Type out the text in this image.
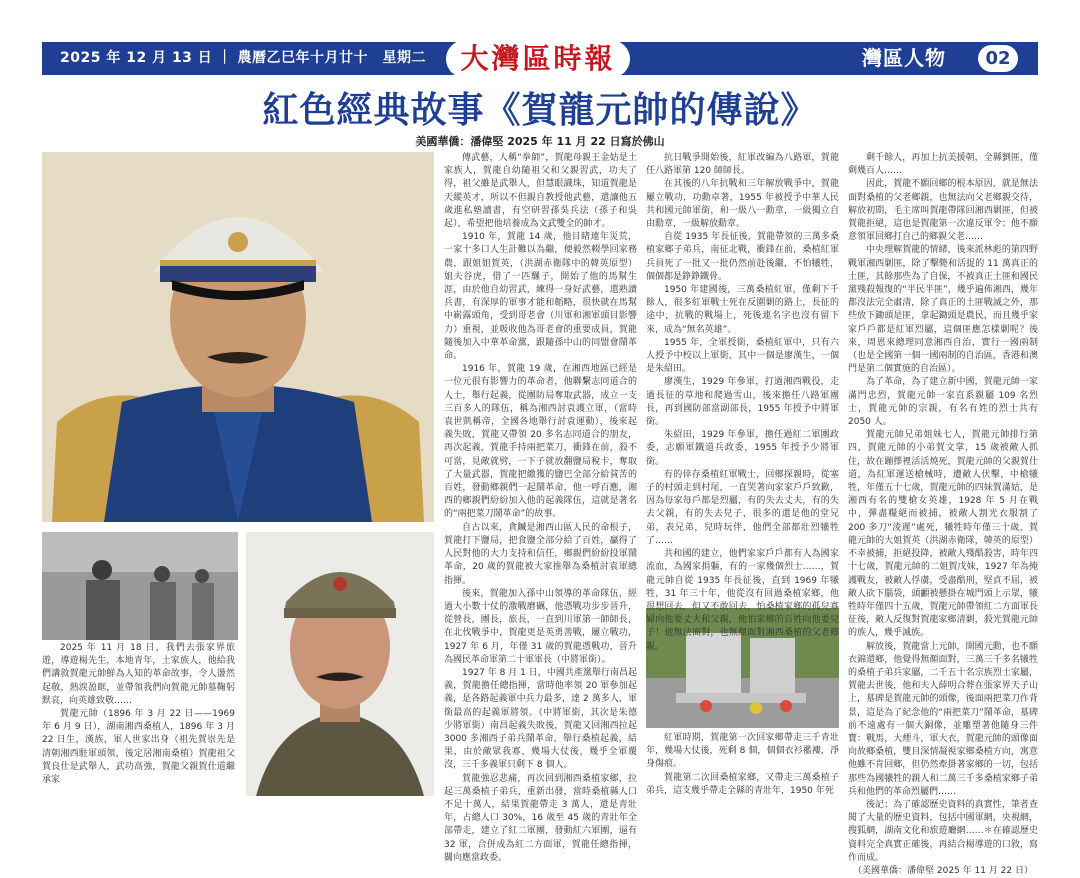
2025 年 12 月 13 日 ｜ 農曆乙巳年十月廿十　星期二	大灣區時報	灣區人物	02
紅色經典故事《賀龍元帥的傳說》
美國華僑：潘偉堅 2025 年 11 月 22 日寫於佛山

2025 年 11 月 18 日，我們去張家界旅遊，導遊楊先生，本地青年，土家族人，他給我們講敘賀龍元帥鮮為人知的革命故事，令人盪然起敬，熱淚盈眶，並帶領我們向賀龍元帥墓鞠躬默哀，向英雄致敬……

賀龍元帥（1896 年 3 月 22 日——1969 年 6 月 9 日），湖南湘西桑植人，1896 年 3 月 22 日生，漢族，軍人世家出身（祖先賀崇先是清朝湘西駐軍頭領，後定居湘南桑植）賀龍祖父賀良仕是武舉人，武功高強，賀龍父親賀仕道繼承家

傳武藝，人稱“拳師”，賀龍母親王金姑是土家族人，賀龍自幼隨祖父和父親習武，功夫了得，祖父雖是武舉人，但慧眼識珠，知道賀龍是天縱英才，所以不但親自教授他武藝，還讓他五歲進私塾讀書，有空研習孫吳兵法（孫子和吳起），希望把他培養成為文武雙全的帥才。

1910 年，賀龍 14 歲，他目睹連年災荒，一家十多口人生計難以為繼，便毅然輟學回家務農，跟姐姐賀英，（洪湖赤衛隊中的韓英原型）姐夫谷虎，借了一匹騾子，開始了他的馬幫生涯，由於他自幼習武，練得一身好武藝，還熟讀兵書，有深厚的軍事才能和韜略，很快就在馬幫中嶄露頭角，受到哥老會（川軍和湘軍頭目影響力）重視，並吸收他為哥老會的重要成員，賀龍隨後加入中華革命黨，跟隨孫中山的同盟會鬧革命。

1916 年，賀龍 19 歲，在湘西地區已經是一位元很有影響力的革命者，他聯繫志同道合的人士，舉行起義，從團防局奪取武器，成立一支三百多人的隊伍，稱為湘西討袁護立軍，（當時袁世凱稱帝，全國各地舉行討袁運動），後來起義失敗，賀龍又帶領 20 多名志同道合的朋友，再次起義，賀龍手持兩把菜刀，衝鋒在前，殺不可當，見敵就劈，一下子就放翻鹽局稅卡，奪取了大量武器，賀龍把繳獲的鹽巴全部分給貧苦的百姓，發動鄉親們一起鬧革命，他一呼百應，湘西的鄉親們紛紛加入他的起義隊伍，這就是著名的“兩把菜刀鬧革命”的故事。

自古以來，貪贓是湘西山區人民的命根子，賀龍打下鹽局，把食鹽全部分給了百姓，贏得了人民對他的大力支持和信任，鄉親們紛紛投軍鬧革命，20 歲的賀龍被大家推舉為桑植討袁軍總指揮。

後來，賀龍加入孫中山領導的革命隊伍，經過大小數十仗的激戰磨礪，他憑戰功步步晉升，從營長，團長，旅長，一直到川軍第一師師長，在北伐戰爭中，賀龍更是英勇善戰，屢立戰功，1927 年 6 月，年僅 31 歲的賀龍憑戰功，晉升為國民革命軍第二十軍軍長（中將軍銜）。

1927 年 8 月 1 日，中國共產黨舉行南昌起義，賀龍擔任總指揮，當時他率領 20 軍參加起義，是各路起義軍中兵力最多，達 2 萬多人，軍銜最高的起義軍將領。（中將軍銜，其次是朱德少將軍銜）南昌起義失敗後，賀龍又回湘西拉起 3000 多湘西子弟兵鬧革命，舉行桑植起義，結果，由於敵眾我寡，幾場大仗後，幾乎全軍覆沒，三千多義軍只剩下 8 個人。

賀龍強忍悲痛，再次回到湘西桑植家鄉，拉起三萬桑植子弟兵，重新出發，當時桑植縣人口不足十萬人，結果賀龍帶走 3 萬人，還是青壯年，占總人口 30%，16 歲至 45 歲的青壯年全部帶走，建立了紅二軍團，發動紅六軍團，逼有 32 軍，合併成為紅二方面軍，賀龍任總指揮，關向應當政委。

抗日戰爭開始後，紅軍改編為八路軍，賀龍任八路軍第 120 師師長。

在其後的八年抗戰和三年解放戰爭中，賀龍屢立戰功，功勳卓著，1955 年被授予中華人民共和國元帥軍銜，和一級八一勳章，一級獨立自由勳章，一級解放勳章。

自從 1935 年長征後，賀龍帶領的三萬多桑植家鄉子弟兵，南征北戰，衝鋒在前，桑植紅軍兵員死了一批又一批仍然前赴後繼，不怕犧牲，個個都是錚錚鐵骨。

1950 年建國後，三萬桑植紅軍，僅剩下千餘人，很多紅軍戰士死在反圍剿的路上，長征的途中，抗戰的戰場上，死後連名字也沒有留下來，成為“無名英雄”。

1955 年，全軍授銜，桑植紅軍中，只有六人授予中校以上軍銜，其中一個是廖漢生，一個是朱紹田。

廖漢生，1929 年參軍，打過湘西戰役，走過長征的草地和爬過雪山，後來擔任八路軍團長，再到國防部當副部長，1955 年授予中將軍銜。

朱紹田，1929 年參軍，擔任過紅二軍團政委，志願軍鐵道兵政委，1955 年授予少將軍銜。

有的倖存桑植紅軍戰士，回鄉探親時，從塞子的村頭走到村尾，一直哭著向家家戶戶致歉，因為每家每戶都是烈屬，有的失去丈夫，有的失去父親，有的失去兒子，很多的還是他的堂兄弟，表兄弟，兒時玩伴，他們全部都壯烈犧牲了……

共和國的建立，他們家家戶戶都有人為國家流血，為國家捐軀，有的一家幾個烈士……，賀龍元帥自從 1935 年長征後，直到 1969 年犧牲，31 年三十年，他從沒有回過桑植家鄉，他很想回去，但又不敢回去，怕桑植家鄉的孤兒寡婦向他要丈夫和父親，他怕家鄉的百姓向他要兒子！他無法面對，也無顏面對湘西桑植的父老鄉親。

紅軍時期，賀龍第一次回家鄉帶走三千青壯年，幾場大仗後，死剩 8 個，個個衣衫襤褸，淨身傷痕。

賀龍第二次回桑植家鄉，又帶走三萬桑植子弟兵，這支幾乎帶走全縣的青壯年，1950 年死

剩千餘人，再加上抗美援朝，全縣劉匪，僅剩幾百人……

因此，賀龍不願回鄉的根本原因，就是無法面對桑植的父老鄉親，也無法向父老鄉親交待，解放初期，毛主席叫賀龍帶隊回湘西剿匪，但被賀龍拒絕，這也是賀龍第一次違反軍令；他不願意領軍回鄉打自己的鄉親父老……

中央理解賀龍的情緒，後來派林彪的第四野戰軍湘西剿匪，除了擊斃和活捉的 11 萬真正的土匪，其餘那些為了自保，不被真正土匪和國民黨殘殺報復的“半民半匪”，幾乎遍佈湘西，幾年都沒法完全肅清，除了真正的土匪戰滅之外，那些放下鋤頭是匪，拿起鋤頭是農民，而且幾乎家家戶戶都是紅軍烈屬，這個匪應怎樣剿呢？後來，周恩來總理同意湘西自治，實行一國兩制（也是全國第一個一國兩制的自治區，香港和澳門是第二個實施的自治區）。

為了革命，為了建立新中國，賀龍元帥一家滿門忠烈，賀龍元帥一家直系親屬 109 名烈士，賀龍元帥的宗親，有名有姓的烈士共有 2050 人。

賀龍元帥兄弟姐妹七人，賀龍元帥排行第四，賀龍元帥的小弟賀文掌，15 歲被敵人抓住，故在蹦擇裡活活燒死，賀龍元帥的父親賀仕道，為紅軍運送槍械時，遭敵人伏擊，中槍犧牲，年僅五十七歲，賀龍元帥的四妹賀滿姑，是湘西有名的雙槍女英雄，1928 年 5 月在戰中，彈盡糧絕而被捕，被敵人割光衣服割了 200 多刀“淩遲”處死，犧牲時年僅三十歲，賀龍元帥的大姐賀英（洪湖赤衛隊，韓英的原型）不幸被捕，拒絕投降，被敵人殘酷殺害，時年四十七歲，賀龍元帥的二姐賀戊妹，1927 年為掩護戰友，被敵人俘虜，受盡酷刑，堅貞不屈，被敵人砍下腦袋，頭顱被懸掛在城門頭上示眾，犧牲時年僅四十五歲，賀龍元帥帶領紅二方面軍長征後，敵人反復對賀龍家鄉清剿，殺光賀龍元帥的族人，幾乎滅族。

解放後，賀龍當上元帥，開國元勳，也不願衣錦還鄉，他覺得無顏面對，三萬三千多名犧牲的桑植子弟兵家屬，二千五十名宗族烈士家屬，賀龍去世後，他和夫人薛明合葬在張家界天子山上，墓碑是賀龍元帥的頭像，後面兩把菜刀作背景，這是為了紀念他的“兩把菜刀”鬧革命，墓碑前不遠處有一個大銅像，並雕塑著他隨身三件寶：戰馬，大煙斗，軍大衣，賀龍元帥的頭像面向故鄉桑植，雙目深情凝視家鄉桑植方向，寓意他雖不肯回鄉，但仍然牽掛著家鄉的一切，包括那些為國犧牲的親人和二萬三千多桑植家鄉子弟兵和他們的革命烈屬們……

後記；為了確認歷史資料的真實性，筆者查閱了大量的歷史資料，包括中國軍網，央視網，搜狐網，湖南文化和旅遊廳網……＊在確認歷史資料完全真實正確後，再結合楊導遊的口敘，寫作而成。

（美國華僑：潘偉堅 2025 年 11 月 22 日）
